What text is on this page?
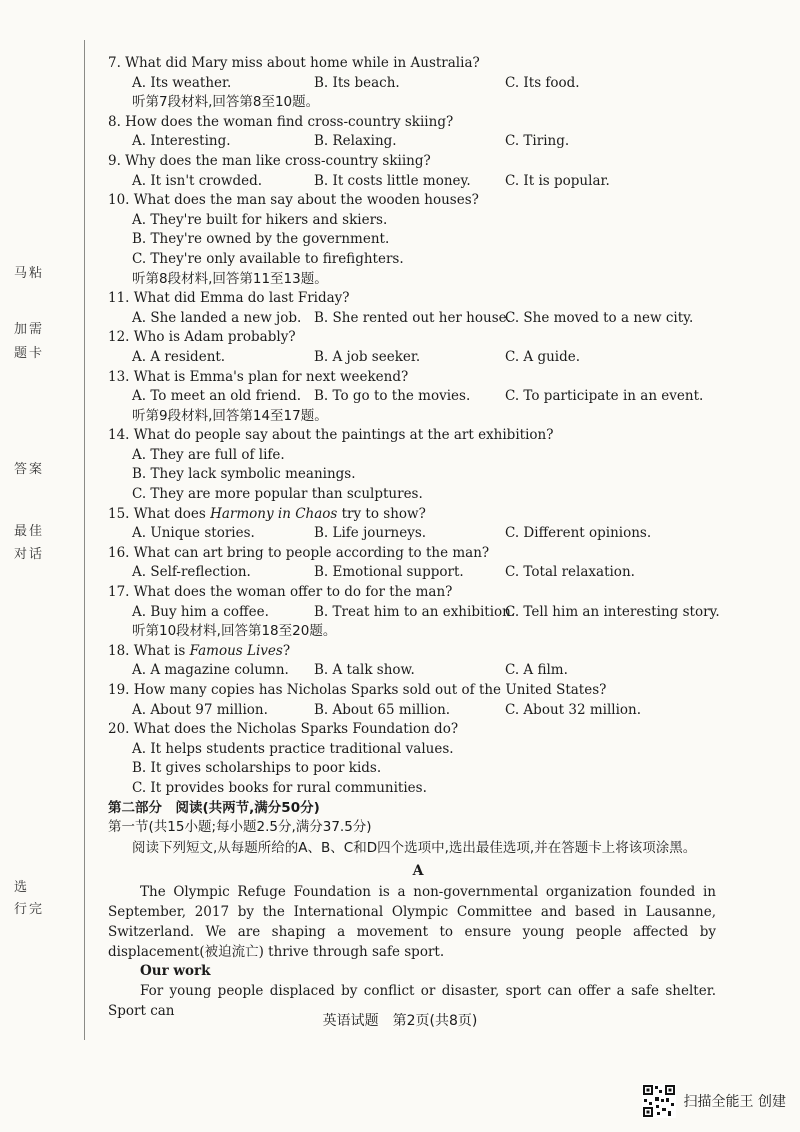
马粘
加需
题卡
答案
最佳
对话
选
行完
7. What did Mary miss about home while in Australia?
A. Its weather.	B. Its beach.	C. Its food.
听第7段材料,回答第8至10题。
8. How does the woman find cross-country skiing?
A. Interesting.	B. Relaxing.	C. Tiring.
9. Why does the man like cross-country skiing?
A. It isn't crowded.	B. It costs little money.	C. It is popular.
10. What does the man say about the wooden houses?
A. They're built for hikers and skiers.
B. They're owned by the government.
C. They're only available to firefighters.
听第8段材料,回答第11至13题。
11. What did Emma do last Friday?
A. She landed a new job. B. She rented out her house.
C. She moved to a new city.
12. Who is Adam probably?
A. A resident.	B. A job seeker.	C. A guide.
13. What is Emma's plan for next weekend?
A. To meet an old friend. B. To go to the movies.	C. To participate in an event.
听第9段材料,回答第14至17题。
14. What do people say about the paintings at the art exhibition?
A. They are full of life.
B. They lack symbolic meanings.
C. They are more popular than sculptures.
15. What does Harmony in Chaos try to show?
A. Unique stories.	B. Life journeys.	C. Different opinions.
16. What can art bring to people according to the man?
A. Self-reflection.	B. Emotional support.	C. Total relaxation.
17. What does the woman offer to do for the man?
A. Buy him a coffee.	B. Treat him to an exhibition.
C. Tell him an interesting story.
听第10段材料,回答第18至20题。
18. What is Famous Lives?
A. A magazine column.	B. A talk show.	C. A film.
19. How many copies has Nicholas Sparks sold out of the United States?
A. About 97 million.	B. About 65 million.	C. About 32 million.
20. What does the Nicholas Sparks Foundation do?
A. It helps students practice traditional values.
B. It gives scholarships to poor kids.
C. It provides books for rural communities.
第二部分　阅读(共两节,满分50分)
第一节(共15小题;每小题2.5分,满分37.5分)
阅读下列短文,从每题所给的A、B、C和D四个选项中,选出最佳选项,并在答题卡上将该项涂黑。
A
The Olympic Refuge Foundation is a non-governmental organization founded in September, 2017 by the International Olympic Committee and based in Lausanne, Switzerland. We are shaping a movement to ensure young people affected by displacement(被迫流亡) thrive through safe sport.
Our work
For young people displaced by conflict or disaster, sport can offer a safe shelter. Sport can
英语试题　第2页(共8页)
扫描全能王 创建
